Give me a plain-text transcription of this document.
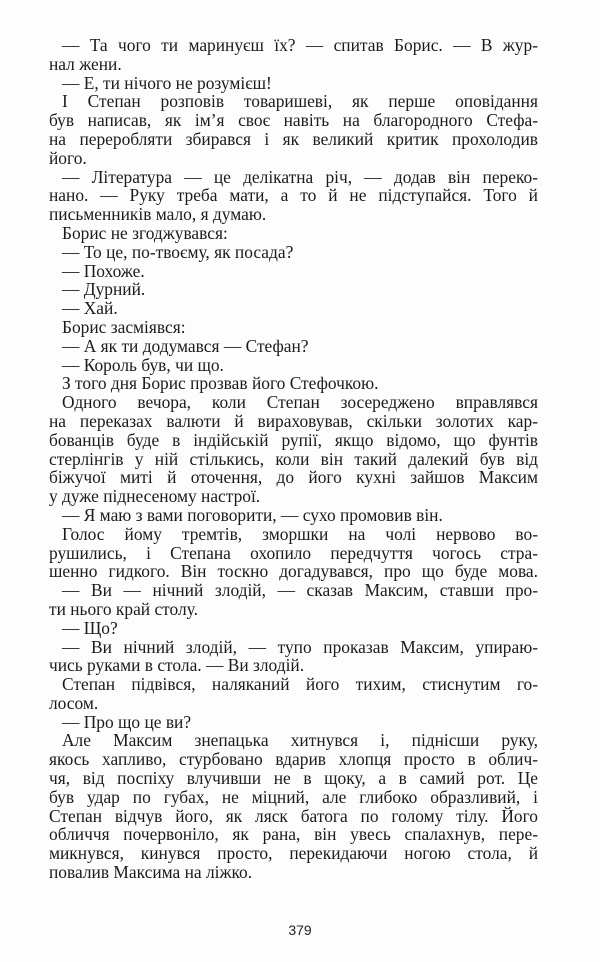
— Та чого ти маринуєш їх? — спитав Борис. — В жур-
нал жени.
— Е, ти нічого не розумієш!
І Степан розповів товаришеві, як перше оповідання
був написав, як ім’я своє навіть на благородного Стефа-
на переробляти збирався і як великий критик прохолодив
його.
— Література — це делікатна річ, — додав він переко-
нано. — Руку треба мати, а то й не підступайся. Того й
письменників мало, я думаю.
Борис не згоджувався:
— То це, по-твоєму, як посада?
— Похоже.
— Дурний.
— Хай.
Борис засміявся:
— А як ти додумався — Стефан?
— Король був, чи що.
З того дня Борис прозвав його Стефочкою.
Одного вечора, коли Степан зосереджено вправлявся
на переказах валюти й вираховував, скільки золотих кар-
бованців буде в індійській рупії, якщо відомо, що фунтів
стерлінгів у ній стількись, коли він такий далекий був від
біжучої миті й оточення, до його кухні зайшов Максим
у дуже піднесеному настрої.
— Я маю з вами поговорити, — сухо промовив він.
Голос йому тремтів, зморшки на чолі нервово во-
рушились, і Степана охопило передчуття чогось стра-
шенно гидкого. Він тоскно догадувався, про що буде мова.
— Ви — нічний злодій, — сказав Максим, ставши про-
ти нього край столу.
— Що?
— Ви нічний злодій, — тупо проказав Максим, упираю-
чись руками в стола. — Ви злодій.
Степан підвівся, наляканий його тихим, стиснутим го-
лосом.
— Про що це ви?
Але Максим знепацька хитнувся і, піднісши руку,
якось хапливо, стурбовано вдарив хлопця просто в облич-
чя, від поспіху влучивши не в щоку, а в самий рот. Це
був удар по губах, не міцний, але глибоко образливий, і
Степан відчув його, як ляск батога по голому тілу. Його
обличчя почервоніло, як рана, він увесь спалахнув, пере-
микнувся, кинувся просто, перекидаючи ногою стола, й
повалив Максима на ліжко.
379
